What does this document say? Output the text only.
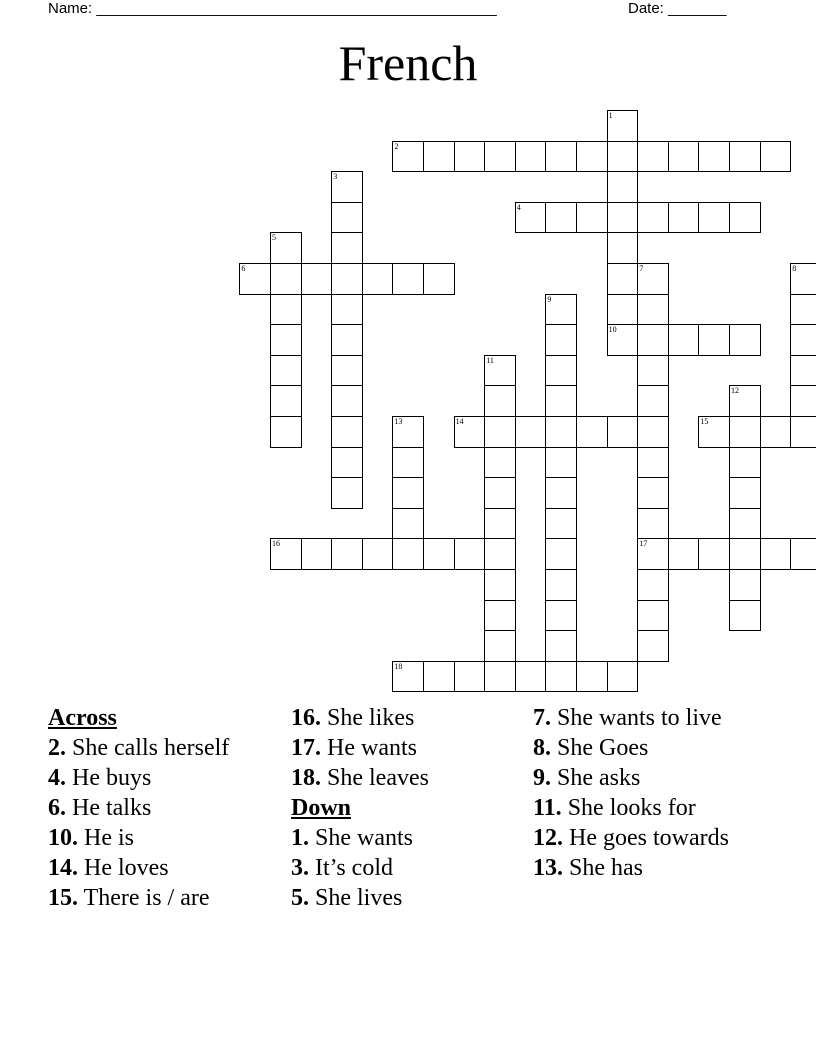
Name: ________________________________________________	Date: _______
French
1
10
2
3
4
5
6	7
17
8
9
11
12
13	14	15
16
18
Across
2. She calls herself
4. He buys
6. He talks
10. He is
14. He loves
15. There is / are
16. She likes
17. He wants
18. She leaves
Down
1. She wants
3. It’s cold
5. She lives
7. She wants to live
8. She Goes
9. She asks
11. She looks for
12. He goes towards
13. She has
